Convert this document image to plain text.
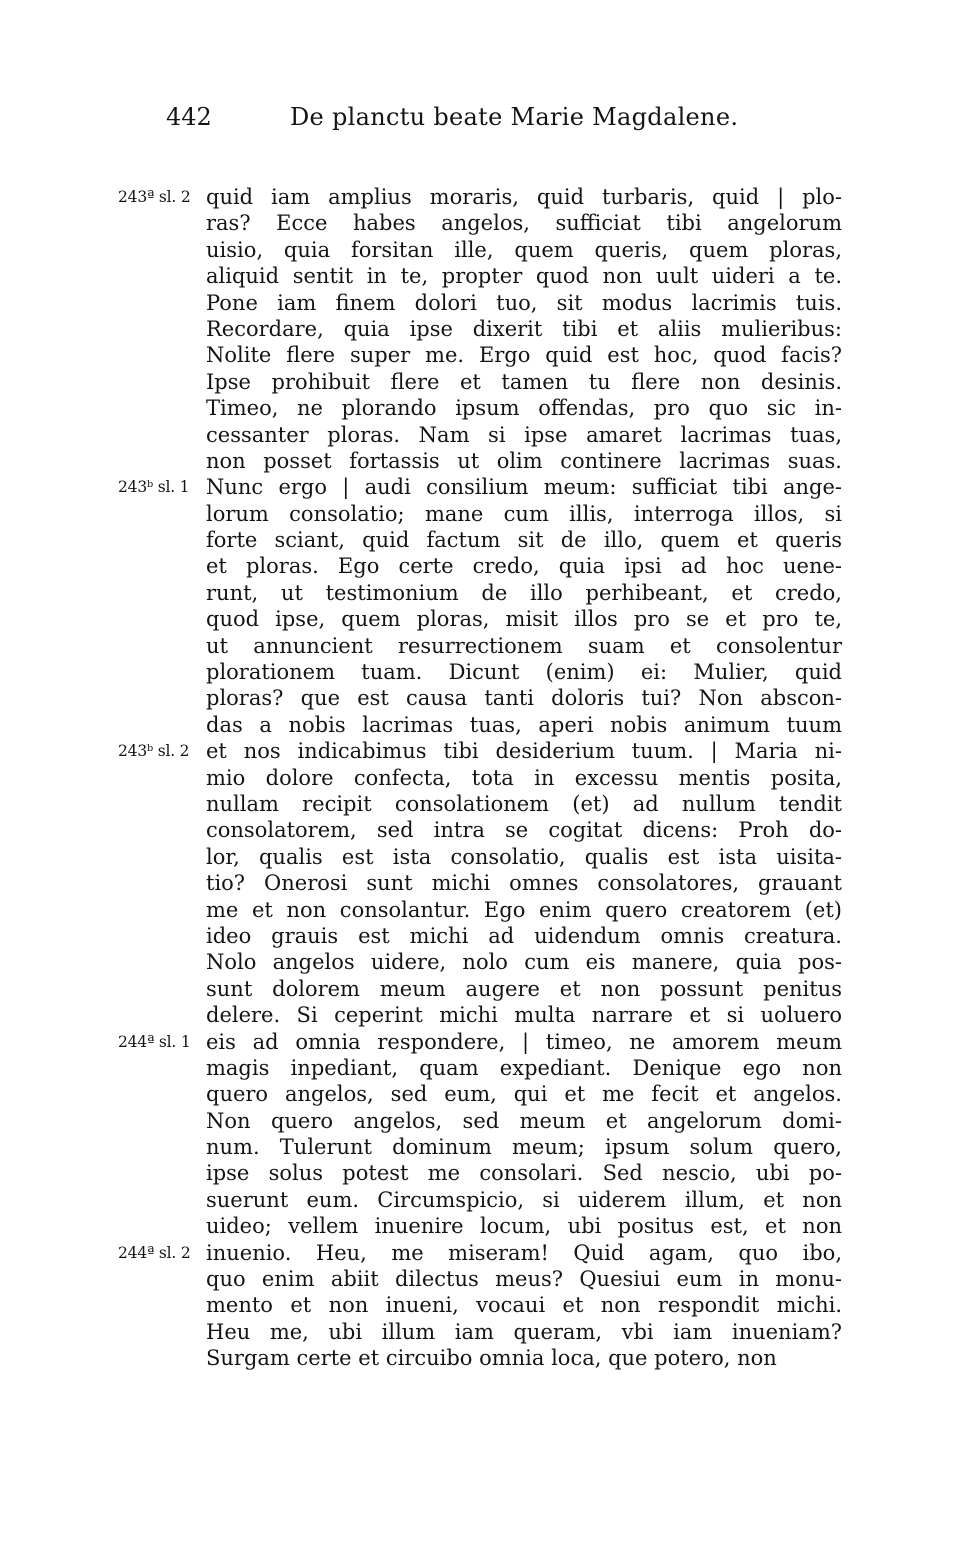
442	De planctu beate Marie Magdalene.
243ª sl. 2 quid iam amplius moraris, quid turbaris, quid | plo-
ras? Ecce habes angelos, sufficiat tibi angelorum
uisio, quia forsitan ille, quem queris, quem ploras,
aliquid sentit in te, propter quod non uult uideri a te.
Pone iam finem dolori tuo, sit modus lacrimis tuis.
Recordare, quia ipse dixerit tibi et aliis mulieribus:
Nolite flere super me. Ergo quid est hoc, quod facis?
Ipse prohibuit flere et tamen tu flere non desinis.
Timeo, ne plorando ipsum offendas, pro quo sic in-
cessanter ploras. Nam si ipse amaret lacrimas tuas,
non posset fortassis ut olim continere lacrimas suas.
243ᵇ sl. 1 Nunc ergo | audi consilium meum: sufficiat tibi ange-
lorum consolatio; mane cum illis, interroga illos, si
forte sciant, quid factum sit de illo, quem et queris
et ploras. Ego certe credo, quia ipsi ad hoc uene-
runt, ut testimonium de illo perhibeant, et credo,
quod ipse, quem ploras, misit illos pro se et pro te,
ut annuncient resurrectionem suam et consolentur
plorationem tuam. Dicunt (enim) ei: Mulier, quid
ploras? que est causa tanti doloris tui? Non abscon-
das a nobis lacrimas tuas, aperi nobis animum tuum
243ᵇ sl. 2 et nos indicabimus tibi desiderium tuum. | Maria ni-
mio dolore confecta, tota in excessu mentis posita,
nullam recipit consolationem (et) ad nullum tendit
consolatorem, sed intra se cogitat dicens: Proh do-
lor, qualis est ista consolatio, qualis est ista uisita-
tio? Onerosi sunt michi omnes consolatores, grauant
me et non consolantur. Ego enim quero creatorem (et)
ideo grauis est michi ad uidendum omnis creatura.
Nolo angelos uidere, nolo cum eis manere, quia pos-
sunt dolorem meum augere et non possunt penitus
delere. Si ceperint michi multa narrare et si uoluero
244ª sl. 1 eis ad omnia respondere, | timeo, ne amorem meum
magis inpediant, quam expediant. Denique ego non
quero angelos, sed eum, qui et me fecit et angelos.
Non quero angelos, sed meum et angelorum domi-
num. Tulerunt dominum meum; ipsum solum quero,
ipse solus potest me consolari. Sed nescio, ubi po-
suerunt eum. Circumspicio, si uiderem illum, et non
uideo; vellem inuenire locum, ubi positus est, et non
244ª sl. 2 inuenio. Heu, me miseram! Quid agam, quo ibo,
quo enim abiit dilectus meus? Quesiui eum in monu-
mento et non inueni, vocaui et non respondit michi.
Heu me, ubi illum iam queram, vbi iam inueniam?
Surgam certe et circuibo omnia loca, que potero, non
